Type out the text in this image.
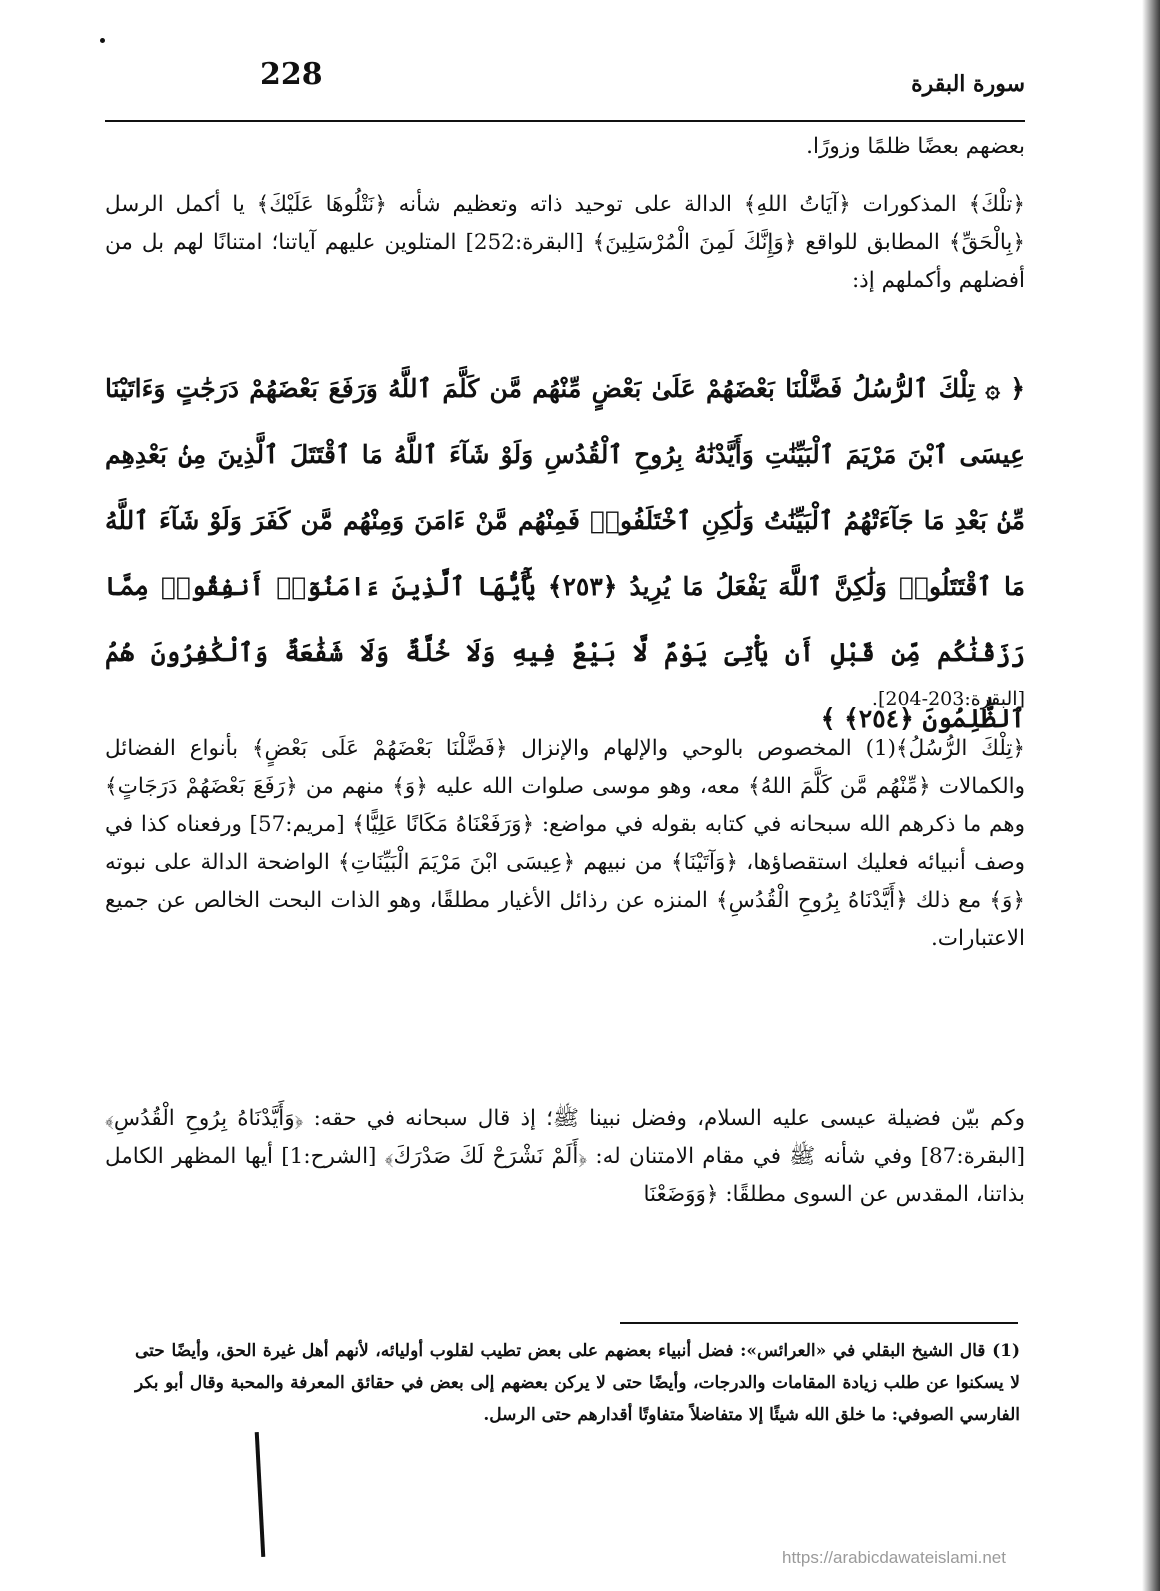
228	سورة البقرة
بعضهم بعضًا ظلمًا وزورًا.
﴿تلْكَ﴾ المذكورات ﴿آيَاتُ اللهِ﴾ الدالة على توحيد ذاته وتعظيم شأنه ﴿نَتْلُوهَا عَلَيْكَ﴾ يا أكمل الرسل ﴿بِالْحَقِّ﴾ المطابق للواقع ﴿وَإِنَّكَ لَمِنَ الْمُرْسَلِينَ﴾ [البقرة:252] المتلوين عليهم آياتنا؛ امتنانًا لهم بل من أفضلهم وأكملهم إذ:
﴿ ۞ تِلْكَ ٱلرُّسُلُ فَضَّلْنَا بَعْضَهُمْ عَلَىٰ بَعْضٍ مِّنْهُم مَّن كَلَّمَ ٱللَّهُ وَرَفَعَ بَعْضَهُمْ دَرَجَٰتٍ وَءَاتَيْنَا عِيسَى ٱبْنَ مَرْيَمَ ٱلْبَيِّنَٰتِ وَأَيَّدْنَٰهُ بِرُوحِ ٱلْقُدُسِ وَلَوْ شَآءَ ٱللَّهُ مَا ٱقْتَتَلَ ٱلَّذِينَ مِنۢ بَعْدِهِم مِّنۢ بَعْدِ مَا جَآءَتْهُمُ ٱلْبَيِّنَٰتُ وَلَٰكِنِ ٱخْتَلَفُوا۟ فَمِنْهُم مَّنْ ءَامَنَ وَمِنْهُم مَّن كَفَرَ وَلَوْ شَآءَ ٱللَّهُ مَا ٱقْتَتَلُوا۟ وَلَٰكِنَّ ٱللَّهَ يَفْعَلُ مَا يُرِيدُ ﴿٢٥٣﴾ يَٰٓأَيُّهَا ٱلَّذِينَ ءَامَنُوٓا۟ أَنفِقُوا۟ مِمَّا رَزَقْنَٰكُم مِّن قَبْلِ أَن يَأْتِىَ يَوْمٌ لَّا بَيْعٌ فِيهِ وَلَا خُلَّةٌ وَلَا شَفَٰعَةٌ وَٱلْكَٰفِرُونَ هُمُ ٱلظَّٰلِمُونَ ﴿٢٥٤﴾ ﴾
[البقرة:203-204].
﴿تِلْكَ الرُّسُلُ﴾(1) المخصوص بالوحي والإلهام والإنزال ﴿فَضَّلْنَا بَعْضَهُمْ عَلَى بَعْضٍ﴾ بأنواع الفضائل والكمالات ﴿مِّنْهُم مَّن كَلَّمَ اللهُ﴾ معه، وهو موسى صلوات الله عليه ﴿وَ﴾ منهم من ﴿رَفَعَ بَعْضَهُمْ دَرَجَاتٍ﴾ وهم ما ذكرهم الله سبحانه في كتابه بقوله في مواضع: ﴿وَرَفَعْنَاهُ مَكَانًا عَلِيًّا﴾ [مريم:57] ورفعناه كذا في وصف أنبيائه فعليك استقصاؤها، ﴿وَآتَيْنَا﴾ من نبيهم ﴿عِيسَى ابْنَ مَرْيَمَ الْبَيِّنَاتِ﴾ الواضحة الدالة على نبوته ﴿وَ﴾ مع ذلك ﴿أَيَّدْنَاهُ بِرُوحِ الْقُدُسِ﴾ المنزه عن رذائل الأغيار مطلقًا، وهو الذات البحت الخالص عن جميع الاعتبارات.
وكم بيّن فضيلة عيسى عليه السلام، وفضل نبينا ﷺ؛ إذ قال سبحانه في حقه: ﴿وَأَيَّدْنَاهُ بِرُوحِ الْقُدُسِ﴾ [البقرة:87] وفي شأنه ﷺ في مقام الامتنان له: ﴿أَلَمْ نَشْرَحْ لَكَ صَدْرَكَ﴾ [الشرح:1] أيها المظهر الكامل بذاتنا، المقدس عن السوى مطلقًا: ﴿وَوَضَعْنَا
(1) قال الشيخ البقلي في «العرائس»: فضل أنبياء بعضهم على بعض تطيب لقلوب أوليائه، لأنهم أهل غيرة الحق، وأيضًا حتى لا يسكنوا عن طلب زيادة المقامات والدرجات، وأيضًا حتى لا يركن بعضهم إلى بعض في حقائق المعرفة والمحبة وقال أبو بكر الفارسي الصوفي: ما خلق الله شيئًا إلا متفاضلاً متفاوتًا أقدارهم حتى الرسل.
https://arabicdawateislami.net
